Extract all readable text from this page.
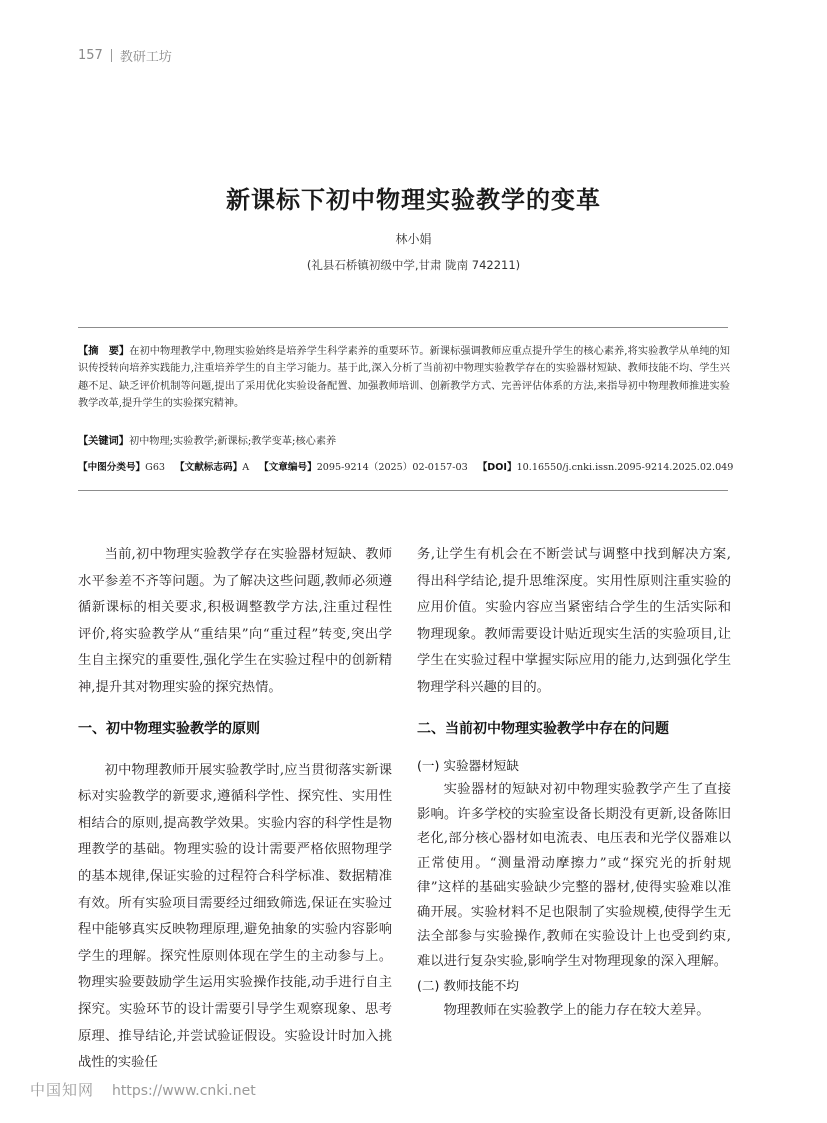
157 教研工坊
新课标下初中物理实验教学的变革
林小娟
(礼县石桥镇初级中学,甘肃 陇南 742211)
【摘　要】在初中物理教学中,物理实验始终是培养学生科学素养的重要环节。新课标强调教师应重点提升学生的核心素养,将实验教学从单纯的知识传授转向培养实践能力,注重培养学生的自主学习能力。基于此,深入分析了当前初中物理实验教学存在的实验器材短缺、教师技能不均、学生兴趣不足、缺乏评价机制等问题,提出了采用优化实验设备配置、加强教师培训、创新教学方式、完善评估体系的方法,来指导初中物理教师推进实验教学改革,提升学生的实验探究精神。
【关键词】初中物理;实验教学;新课标;教学变革;核心素养
【中图分类号】G63 【文献标志码】A 【文章编号】2095-9214（2025）02-0157-03 【DOI】10.16550/j.cnki.issn.2095-9214.2025.02.049

当前,初中物理实验教学存在实验器材短缺、教师水平参差不齐等问题。为了解决这些问题,教师必须遵循新课标的相关要求,积极调整教学方法,注重过程性评价,将实验教学从“重结果”向“重过程”转变,突出学生自主探究的重要性,强化学生在实验过程中的创新精神,提升其对物理实验的探究热情。

一、初中物理实验教学的原则

初中物理教师开展实验教学时,应当贯彻落实新课标对实验教学的新要求,遵循科学性、探究性、实用性相结合的原则,提高教学效果。实验内容的科学性是物理教学的基础。物理实验的设计需要严格依照物理学的基本规律,保证实验的过程符合科学标准、数据精准有效。所有实验项目需要经过细致筛选,保证在实验过程中能够真实反映物理原理,避免抽象的实验内容影响学生的理解。探究性原则体现在学生的主动参与上。物理实验要鼓励学生运用实验操作技能,动手进行自主探究。实验环节的设计需要引导学生观察现象、思考原理、推导结论,并尝试验证假设。实验设计时加入挑战性的实验任

务,让学生有机会在不断尝试与调整中找到解决方案,得出科学结论,提升思维深度。实用性原则注重实验的应用价值。实验内容应当紧密结合学生的生活实际和物理现象。教师需要设计贴近现实生活的实验项目,让学生在实验过程中掌握实际应用的能力,达到强化学生物理学科兴趣的目的。

二、当前初中物理实验教学中存在的问题
(一) 实验器材短缺

实验器材的短缺对初中物理实验教学产生了直接影响。许多学校的实验室设备长期没有更新,设备陈旧老化,部分核心器材如电流表、电压表和光学仪器难以正常使用。“测量滑动摩擦力”或“探究光的折射规律”这样的基础实验缺少完整的器材,使得实验难以准确开展。实验材料不足也限制了实验规模,使得学生无法全部参与实验操作,教师在实验设计上也受到约束,难以进行复杂实验,影响学生对物理现象的深入理解。

(二) 教师技能不均

物理教师在实验教学上的能力存在较大差异。

中国知网 https://www.cnki.net
